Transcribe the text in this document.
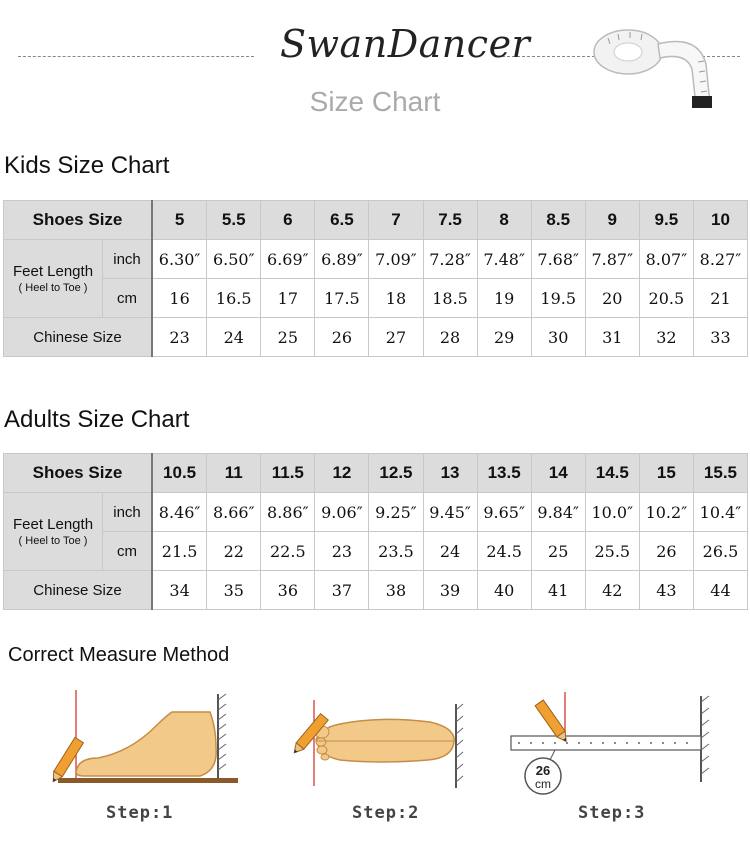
SwanDancer
Size Chart
Kids Size Chart
Shoes Size		5	5.5	6	6.5	7	7.5	8	8.5	9	9.5	10
Feet Length
( Heel to Toe )	inch	6.30″	6.50″	6.69″	6.89″	7.09″	7.28″	7.48″	7.68″	7.87″	8.07″	8.27″
	cm	16	16.5	17	17.5	18	18.5	19	19.5	20	20.5	21
Chinese Size		23	24	25	26	27	28	29	30	31	32	33
Adults Size Chart
Shoes Size		10.5	11	11.5	12	12.5	13	13.5	14	14.5	15	15.5
Feet Length
( Heel to Toe )	inch	8.46″	8.66″	8.86″	9.06″	9.25″	9.45″	9.65″	9.84″	10.0″	10.2″	10.4″
	cm	21.5	22	22.5	23	23.5	24	24.5	25	25.5	26	26.5
Chinese Size		34	35	36	37	38	39	40	41	42	43	44
Correct Measure Method
Step:1	Step:2
26
cm
Step:3
